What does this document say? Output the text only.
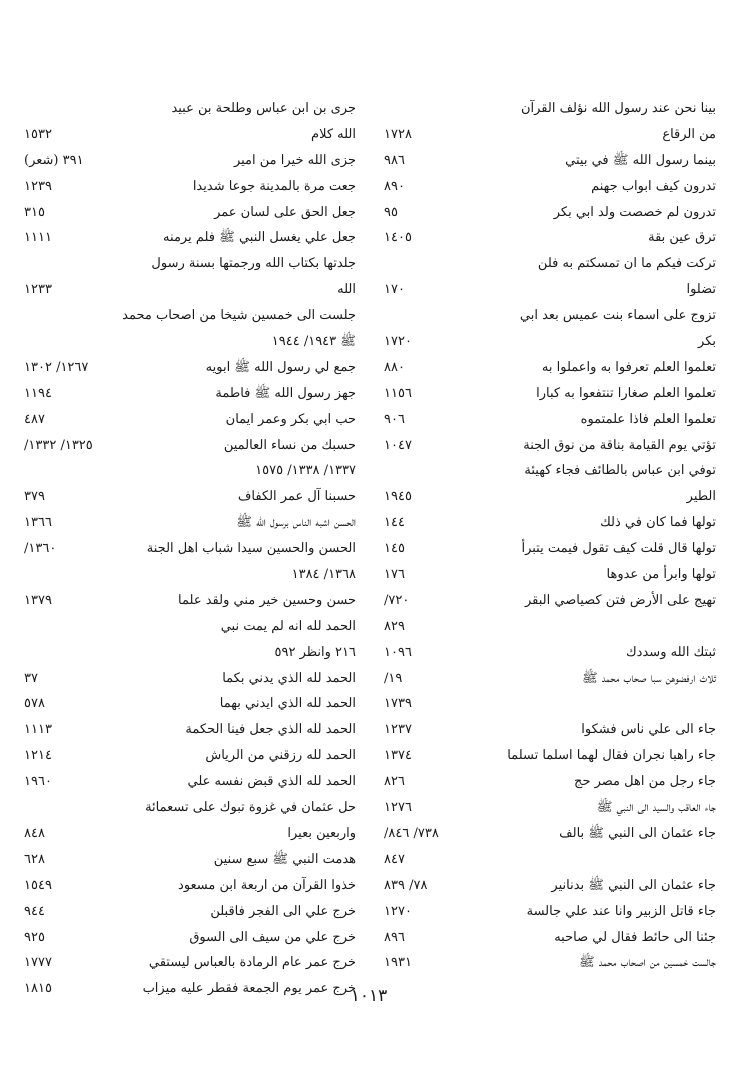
بينا نحن عند رسول الله نؤلف القرآن
من الرقاع
١٧٢٨
بينما رسول الله ﷺ في بيتي
٩٨٦
تدرون كيف ابواب جهنم
٨٩٠
تدرون لم خصصت ولد ابي بكر
٩٥
ترق عين بقة
١٤٠٥
تركت فيكم ما ان تمسكتم به فلن
تضلوا
١٧٠
تزوج على اسماء بنت عميس بعد ابي
بكر
١٧٢٠
تعلموا العلم تعرفوا به واعملوا به
٨٨٠
تعلموا العلم صغارا تنتفعوا به كبارا
١١٥٦
تعلموا العلم فاذا علمتموه
٩٠٦
تؤتي يوم القيامة بناقة من نوق الجنة
١٠٤٧
توفي ابن عباس بالطائف فجاء كهيئة
الطير
١٩٤٥
تولها فما كان في ذلك
١٤٤
تولها قال قلت كيف تقول فيمت يتبرأ
١٤٥
تولها وابرأ من عدوها
١٧٦
تهيج على الأرض فتن كصياصي البقر
٧٢٠/
٨٢٩
ثبتك الله وسددك
١٠٩٦
ثلاث ارفضوهن سبا صحاب محمد ﷺ
١٩/
١٧٣٩
جاء الى علي ناس فشكوا
١٢٣٧
جاء راهبا نجران فقال لهما اسلما تسلما
١٣٧٤
جاء رجل من اهل مصر حج
٨٢٦
جاء العاقب والسيد الى النبي ﷺ
١٢٧٦
جاء عثمان الى النبي ﷺ بالف
٧٣٨/ ٨٤٦/
٨٤٧
جاء عثمان الى النبي ﷺ بدنانير
٧٨/ ٨٣٩
جاء قاتل الزبير وانا عند علي جالسة
١٢٧٠
جئنا الى حائط فقال لي صاحبه
٨٩٦
جالست خمسين من اصحاب محمد ﷺ
١٩٣١
جرى بن ابن عباس وطلحة بن عبيد
الله كلام
١٥٣٢
جزى الله خيرا من امير
٣٩١ (شعر)
جعت مرة بالمدينة جوعا شديدا
١٢٣٩
جعل الحق على لسان عمر
٣١٥
جعل علي يغسل النبي ﷺ فلم يرمنه
١١١١
جلدتها بكتاب الله ورجمتها بسنة رسول
الله
١٢٣٣
جلست الى خمسين شيخا من اصحاب محمد
ﷺ ١٩٤٣/ ١٩٤٤
جمع لي رسول الله ﷺ ابويه
١٢٦٧/ ١٣٠٢
جهز رسول الله ﷺ فاطمة
١١٩٤
حب ابي بكر وعمر ايمان
٤٨٧
حسبك من نساء العالمين
١٣٢٥/ ١٣٣٢/
١٣٣٧/ ١٣٣٨/ ١٥٧٥
حسبنا آل عمر الكفاف
٣٧٩
الحسن اشبه الناس برسول الله ﷺ
١٣٦٦
الحسن والحسين سيدا شباب اهل الجنة
١٣٦٠/
١٣٦٨/ ١٣٨٤
حسن وحسين خير مني ولقد علما
١٣٧٩
الحمد لله انه لم يمت نبي
٢١٦ وانظر ٥٩٢
الحمد لله الذي يدني بكما
٣٧
الحمد لله الذي ايدني بهما
٥٧٨
الحمد لله الذي جعل فينا الحكمة
١١١٣
الحمد لله رزقني من الرياش
١٢١٤
الحمد لله الذي قبض نفسه علي
١٩٦٠
حل عثمان في غزوة تبوك على تسعمائة
واربعين بعيرا
٨٤٨
هدمت النبي ﷺ سبع سنين
٦٢٨
خذوا القرآن من اربعة ابن مسعود
١٥٤٩
خرج علي الى الفجر فاقبلن
٩٤٤
خرج علي من سيف الى السوق
٩٢٥
خرج عمر عام الرمادة بالعباس ليستقي
١٧٧٧
خرج عمر يوم الجمعة فقطر عليه ميزاب
١٨١٥	١٠١٣
